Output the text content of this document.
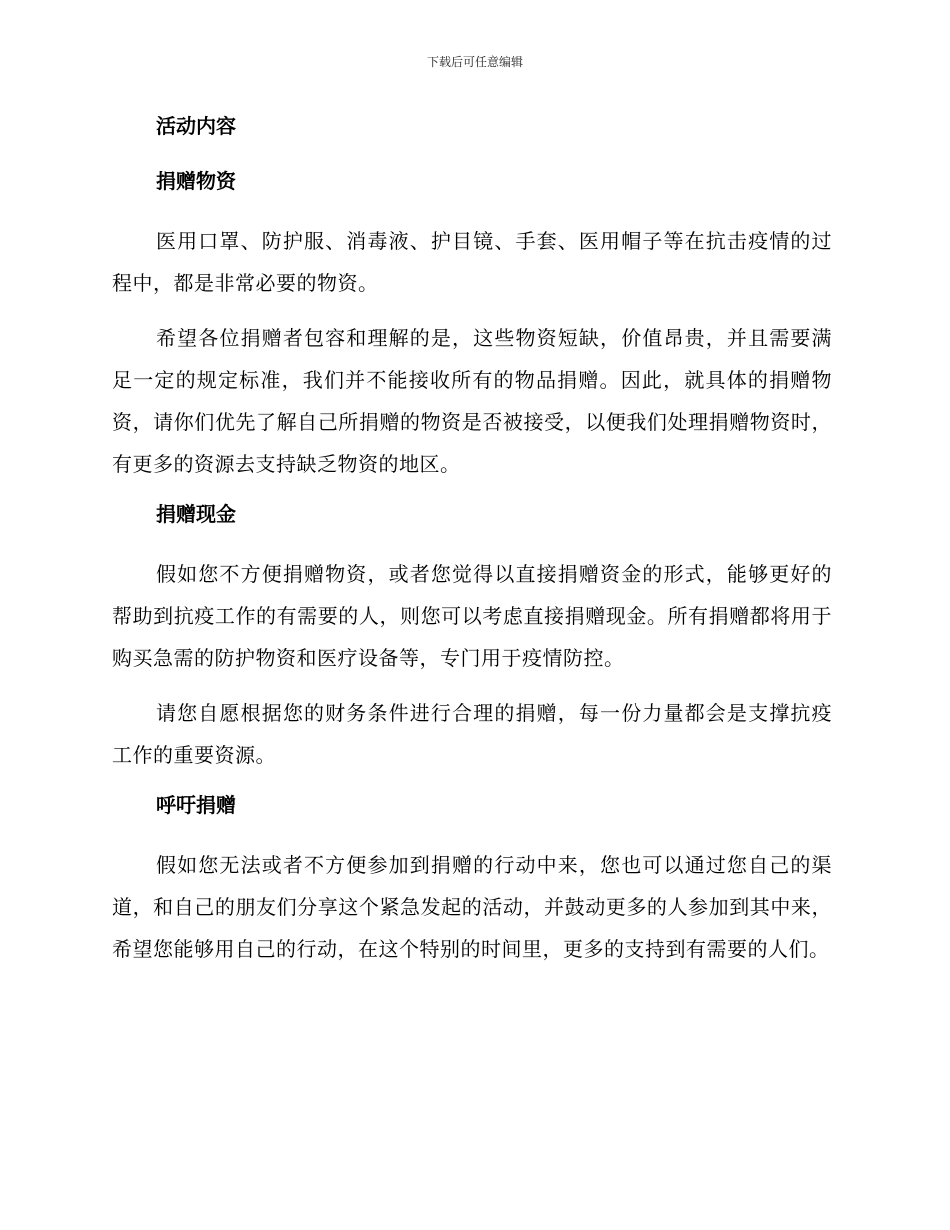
下载后可任意编辑
活动内容
捐赠物资

医用口罩、防护服、消毒液、护目镜、手套、医用帽子等在抗击疫情的过程中，都是非常必要的物资。

希望各位捐赠者包容和理解的是，这些物资短缺，价值昂贵，并且需要满足一定的规定标准，我们并不能接收所有的物品捐赠。因此，就具体的捐赠物资，请你们优先了解自己所捐赠的物资是否被接受，以便我们处理捐赠物资时，有更多的资源去支持缺乏物资的地区。

捐赠现金

假如您不方便捐赠物资，或者您觉得以直接捐赠资金的形式，能够更好的帮助到抗疫工作的有需要的人，则您可以考虑直接捐赠现金。所有捐赠都将用于购买急需的防护物资和医疗设备等，专门用于疫情防控。

请您自愿根据您的财务条件进行合理的捐赠，每一份力量都会是支撑抗疫工作的重要资源。

呼吁捐赠

假如您无法或者不方便参加到捐赠的行动中来，您也可以通过您自己的渠道，和自己的朋友们分享这个紧急发起的活动，并鼓动更多的人参加到其中来，希望您能够用自己的行动，在这个特别的时间里，更多的支持到有需要的人们。
